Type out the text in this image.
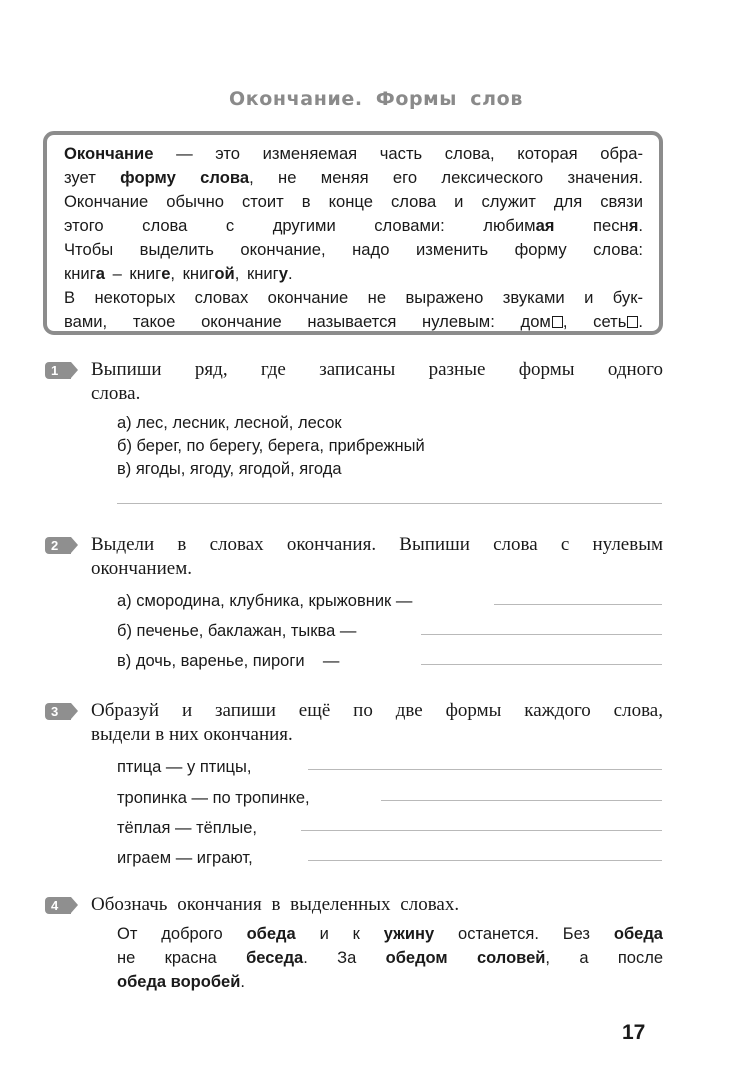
Окончание. Формы слов
Окончание — это изменяемая часть слова, которая обра-
зует форму слова, не меняя его лексического значения.
Окончание обычно стоит в конце слова и служит для связи
этого слова с другими словами: любимая песня.
Чтобы выделить окончание, надо изменить форму слова:
книга – книге, книгой, книгу.
В некоторых словах окончание не выражено звуками и бук-
вами, такое окончание называется нулевым: дом , сеть .
1	Выпиши ряд, где записаны разные формы одного
слова.
а) лес, лесник, лесной, лесок
б) берег, по берегу, берега, прибрежный
в) ягоды, ягоду, ягодой, ягода
2	Выдели в словах окончания. Выпиши слова с нулевым
окончанием.
а) смородина, клубника, крыжовник —
б) печенье, баклажан, тыква —
в) дочь, варенье, пироги    —
3	Образуй и запиши ещё по две формы каждого слова,
выдели в них окончания.
птица — у птицы,
тропинка — по тропинке,
тёплая — тёплые,
играем — играют,
4	Обозначь окончания в выделенных словах.
От доброго обеда и к ужину останется. Без обеда
не красна беседа. За обедом соловей, а после
обеда воробей.
17
